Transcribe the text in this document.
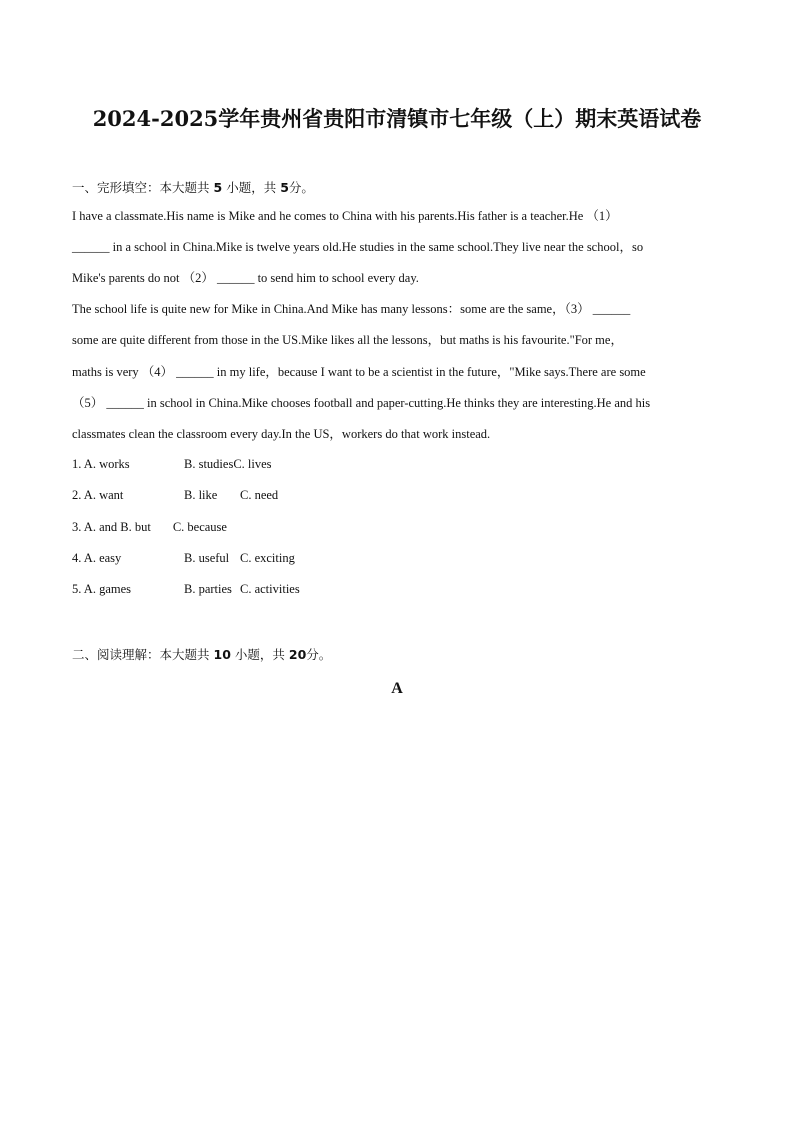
2024-2025学年贵州省贵阳市清镇市七年级（上）期末英语试卷
一、完形填空：本大题共 5 小题，共 5分。
I have a classmate.His name is Mike and he comes to China with his parents.His father is a teacher.He （1）
______ in a school in China.Mike is twelve years old.He studies in the same school.They live near the school，so
Mike's parents do not （2） ______ to send him to school every day.
The school life is quite new for Mike in China.And Mike has many lessons：some are the same，（3） ______
some are quite different from those in the US.Mike likes all the lessons，but maths is his favourite."For me，
maths is very （4） ______ in my life，because I want to be a scientist in the future，"Mike says.There are some
（5） ______ in school in China.Mike chooses football and paper-cutting.He thinks they are interesting.He and his
classmates clean the classroom every day.In the US，workers do that work instead.
1. A. works	B. studiesC. lives
2. A. want	B. like C. need
3. A. and B. but C. because
4. A. easy	B. useful C. exciting
5. A. games	B. parties C. activities
二、阅读理解：本大题共 10 小题，共 20分。
A
